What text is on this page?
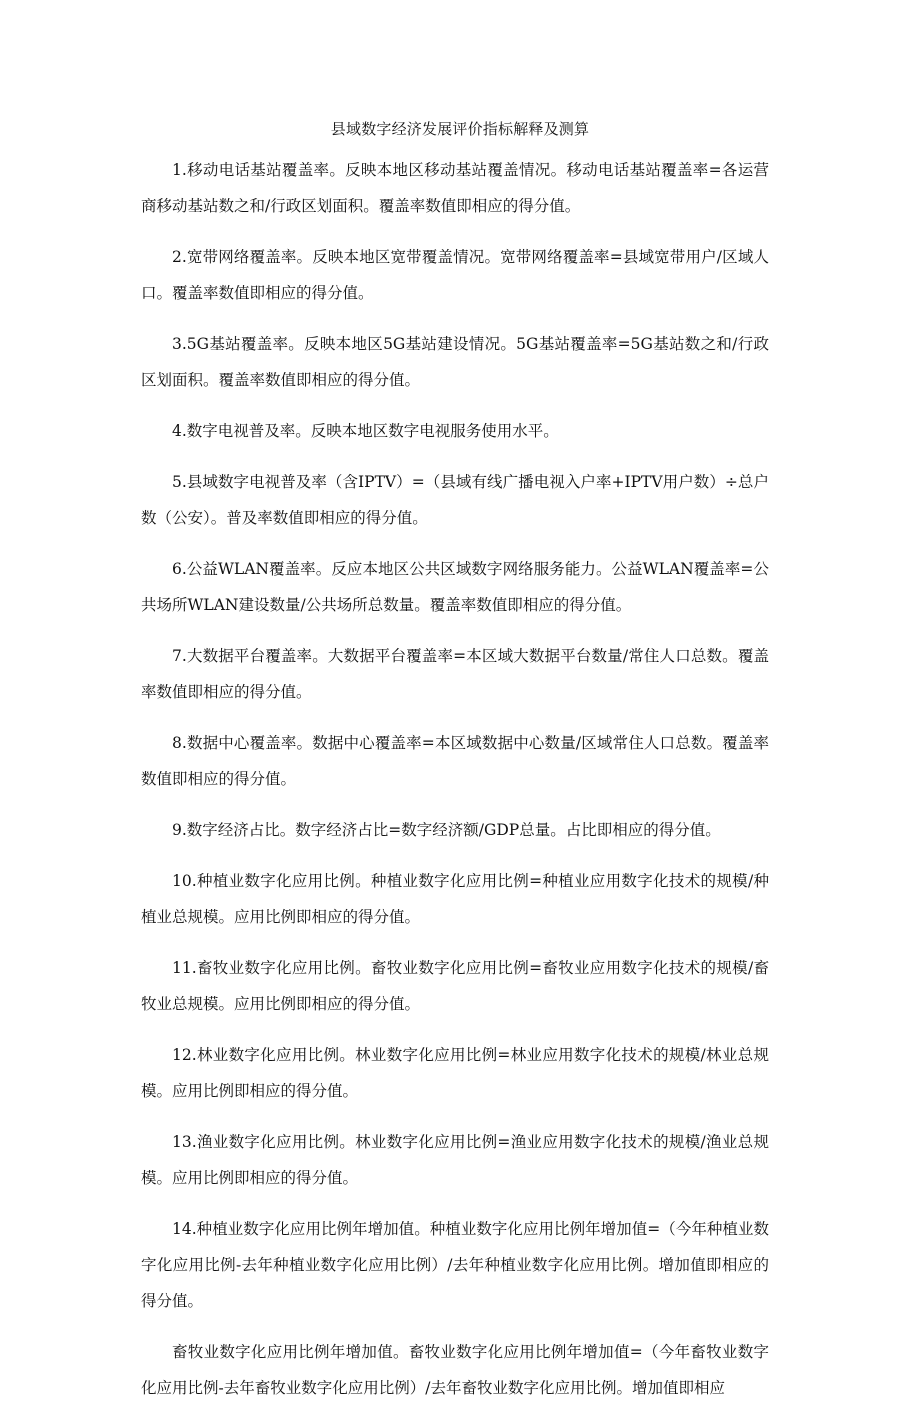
县域数字经济发展评价指标解释及测算

1.移动电话基站覆盖率。反映本地区移动基站覆盖情况。移动电话基站覆盖率=各运营商移动基站数之和/行政区划面积。覆盖率数值即相应的得分值。

2.宽带网络覆盖率。反映本地区宽带覆盖情况。宽带网络覆盖率=县域宽带用户/区域人口。覆盖率数值即相应的得分值。

3.5G基站覆盖率。反映本地区5G基站建设情况。5G基站覆盖率=5G基站数之和/行政区划面积。覆盖率数值即相应的得分值。

4.数字电视普及率。反映本地区数字电视服务使用水平。

5.县域数字电视普及率（含IPTV）=（县域有线广播电视入户率+IPTV用户数）÷总户数（公安）。普及率数值即相应的得分值。

6.公益WLAN覆盖率。反应本地区公共区域数字网络服务能力。公益WLAN覆盖率=公共场所WLAN建设数量/公共场所总数量。覆盖率数值即相应的得分值。

7.大数据平台覆盖率。大数据平台覆盖率=本区域大数据平台数量/常住人口总数。覆盖率数值即相应的得分值。

8.数据中心覆盖率。数据中心覆盖率=本区域数据中心数量/区域常住人口总数。覆盖率数值即相应的得分值。

9.数字经济占比。数字经济占比=数字经济额/GDP总量。占比即相应的得分值。

10.种植业数字化应用比例。种植业数字化应用比例=种植业应用数字化技术的规模/种植业总规模。应用比例即相应的得分值。

11.畜牧业数字化应用比例。畜牧业数字化应用比例=畜牧业应用数字化技术的规模/畜牧业总规模。应用比例即相应的得分值。

12.林业数字化应用比例。林业数字化应用比例=林业应用数字化技术的规模/林业总规模。应用比例即相应的得分值。

13.渔业数字化应用比例。林业数字化应用比例=渔业应用数字化技术的规模/渔业总规模。应用比例即相应的得分值。

14.种植业数字化应用比例年增加值。种植业数字化应用比例年增加值=（今年种植业数字化应用比例-去年种植业数字化应用比例）/去年种植业数字化应用比例。增加值即相应的得分值。

畜牧业数字化应用比例年增加值。畜牧业数字化应用比例年增加值=（今年畜牧业数字化应用比例-去年畜牧业数字化应用比例）/去年畜牧业数字化应用比例。增加值即相应
